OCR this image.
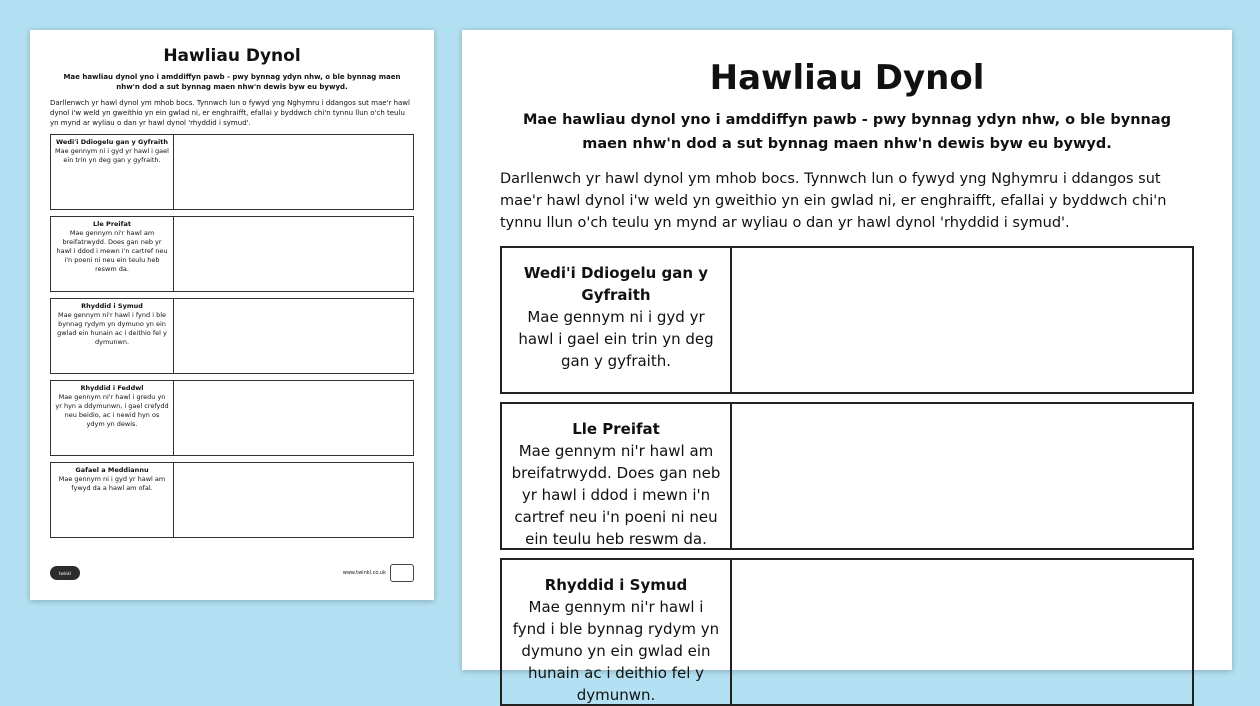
Hawliau Dynol
Mae hawliau dynol yno i amddiffyn pawb - pwy bynnag ydyn nhw, o ble bynnag maen nhw'n dod a sut bynnag maen nhw'n dewis byw eu bywyd.
Darllenwch yr hawl dynol ym mhob bocs. Tynnwch lun o fywyd yng Nghymru i ddangos sut mae'r hawl dynol i'w weld yn gweithio yn ein gwlad ni, er enghraifft, efallai y byddwch chi'n tynnu llun o'ch teulu yn mynd ar wyliau o dan yr hawl dynol 'rhyddid i symud'.
Wedi'i Ddiogelu gan y Gyfraith
Mae gennym ni i gyd yr hawl i gael ein trin yn deg gan y gyfraith.
Lle Preifat
Mae gennym ni'r hawl am breifatrwydd. Does gan neb yr hawl i ddod i mewn i'n cartref neu i'n poeni ni neu ein teulu heb reswm da.
Rhyddid i Symud
Mae gennym ni'r hawl i fynd i ble bynnag rydym yn dymuno yn ein gwlad ein hunain ac i deithio fel y dymunwn.
Rhyddid i Feddwl
Mae gennym ni'r hawl i gredu yn yr hyn a ddymunwn, i gael crefydd neu beidio, ac i newid hyn os ydym yn dewis.
Gafael a Meddiannu
Mae gennym ni i gyd yr hawl am fywyd da a hawl am ofal.
twinkl	www.twinkl.co.uk
Hawliau Dynol
Mae hawliau dynol yno i amddiffyn pawb - pwy bynnag ydyn nhw, o ble bynnag maen nhw'n dod a sut bynnag maen nhw'n dewis byw eu bywyd.
Darllenwch yr hawl dynol ym mhob bocs. Tynnwch lun o fywyd yng Nghymru i ddangos sut mae'r hawl dynol i'w weld yn gweithio yn ein gwlad ni, er enghraifft, efallai y byddwch chi'n tynnu llun o'ch teulu yn mynd ar wyliau o dan yr hawl dynol 'rhyddid i symud'.
Wedi'i Ddiogelu gan y Gyfraith
Mae gennym ni i gyd yr hawl i gael ein trin yn deg gan y gyfraith.
Lle Preifat
Mae gennym ni'r hawl am breifatrwydd. Does gan neb yr hawl i ddod i mewn i'n cartref neu i'n poeni ni neu ein teulu heb reswm da.
Rhyddid i Symud
Mae gennym ni'r hawl i fynd i ble bynnag rydym yn dymuno yn ein gwlad ein hunain ac i deithio fel y dymunwn.
